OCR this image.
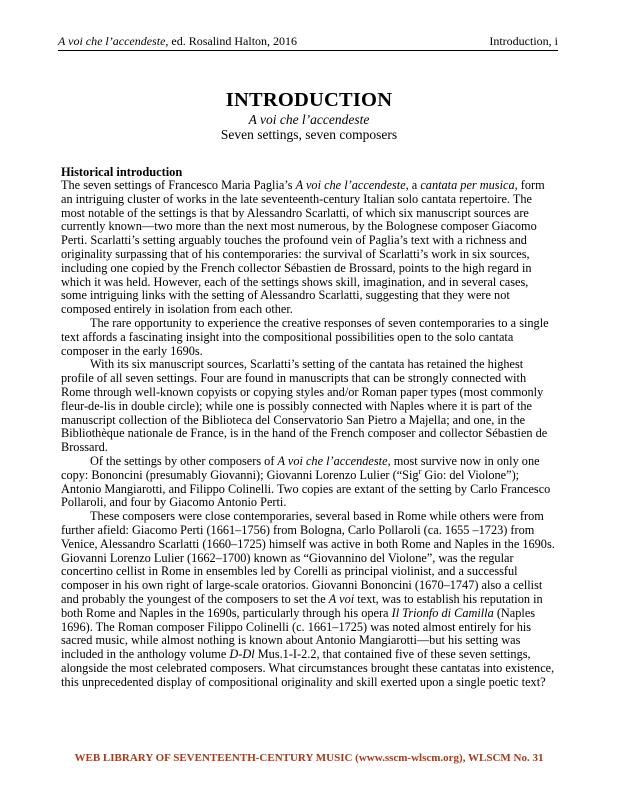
A voi che l’accendeste, ed. Rosalind Halton, 2016	Introduction, i
INTRODUCTION
A voi che l’accendeste
Seven settings, seven composers
Historical introduction

The seven settings of Francesco Maria Paglia’s A voi che l’accendeste, a cantata per musica, form an intriguing cluster of works in the late seventeenth-century Italian solo cantata repertoire. The most notable of the settings is that by Alessandro Scarlatti, of which six manuscript sources are currently known—two more than the next most numerous, by the Bolognese composer Giacomo Perti. Scarlatti’s setting arguably touches the profound vein of Paglia’s text with a richness and originality surpassing that of his contemporaries: the survival of Scarlatti’s work in six sources, including one copied by the French collector Sébastien de Brossard, points to the high regard in which it was held. However, each of the settings shows skill, imagination, and in several cases, some intriguing links with the setting of Alessandro Scarlatti, suggesting that they were not composed entirely in isolation from each other.

The rare opportunity to experience the creative responses of seven contemporaries to a single text affords a fascinating insight into the compositional possibilities open to the solo cantata composer in the early 1690s.

With its six manuscript sources, Scarlatti’s setting of the cantata has retained the highest profile of all seven settings. Four are found in manuscripts that can be strongly connected with Rome through well-known copyists or copying styles and/or Roman paper types (most commonly fleur-de-lis in double circle); while one is possibly connected with Naples where it is part of the manuscript collection of the Biblioteca del Conservatorio San Pietro a Majella; and one, in the Bibliothèque nationale de France, is in the hand of the French composer and collector Sébastien de Brossard.

Of the settings by other composers of A voi che l’accendeste, most survive now in only one copy: Bononcini (presumably Giovanni); Giovanni Lorenzo Lulier (“Sig$^r$ Gio: del Violone”); Antonio Mangiarotti, and Filippo Colinelli. Two copies are extant of the setting by Carlo Francesco Pollaroli, and four by Giacomo Antonio Perti.

These composers were close contemporaries, several based in Rome while others were from further afield: Giacomo Perti (1661–1756) from Bologna, Carlo Pollaroli (ca. 1655 –1723) from Venice, Alessandro Scarlatti (1660–1725) himself was active in both Rome and Naples in the 1690s. Giovanni Lorenzo Lulier (1662–1700) known as “Giovannino del Violone”, was the regular concertino cellist in Rome in ensembles led by Corelli as principal violinist, and a successful composer in his own right of large-scale oratorios. Giovanni Bononcini (1670–1747) also a cellist and probably the youngest of the composers to set the A voi text, was to establish his reputation in both Rome and Naples in the 1690s, particularly through his opera Il Trionfo di Camilla (Naples 1696). The Roman composer Filippo Colinelli (c. 1661–1725) was noted almost entirely for his sacred music, while almost nothing is known about Antonio Mangiarotti—but his setting was included in the anthology volume D-Dl Mus.1-I-2.2, that contained five of these seven settings, alongside the most celebrated composers. What circumstances brought these cantatas into existence, this unprecedented display of compositional originality and skill exerted upon a single poetic text?

WEB LIBRARY OF SEVENTEENTH-CENTURY MUSIC (www.sscm-wlscm.org), WLSCM No. 31
